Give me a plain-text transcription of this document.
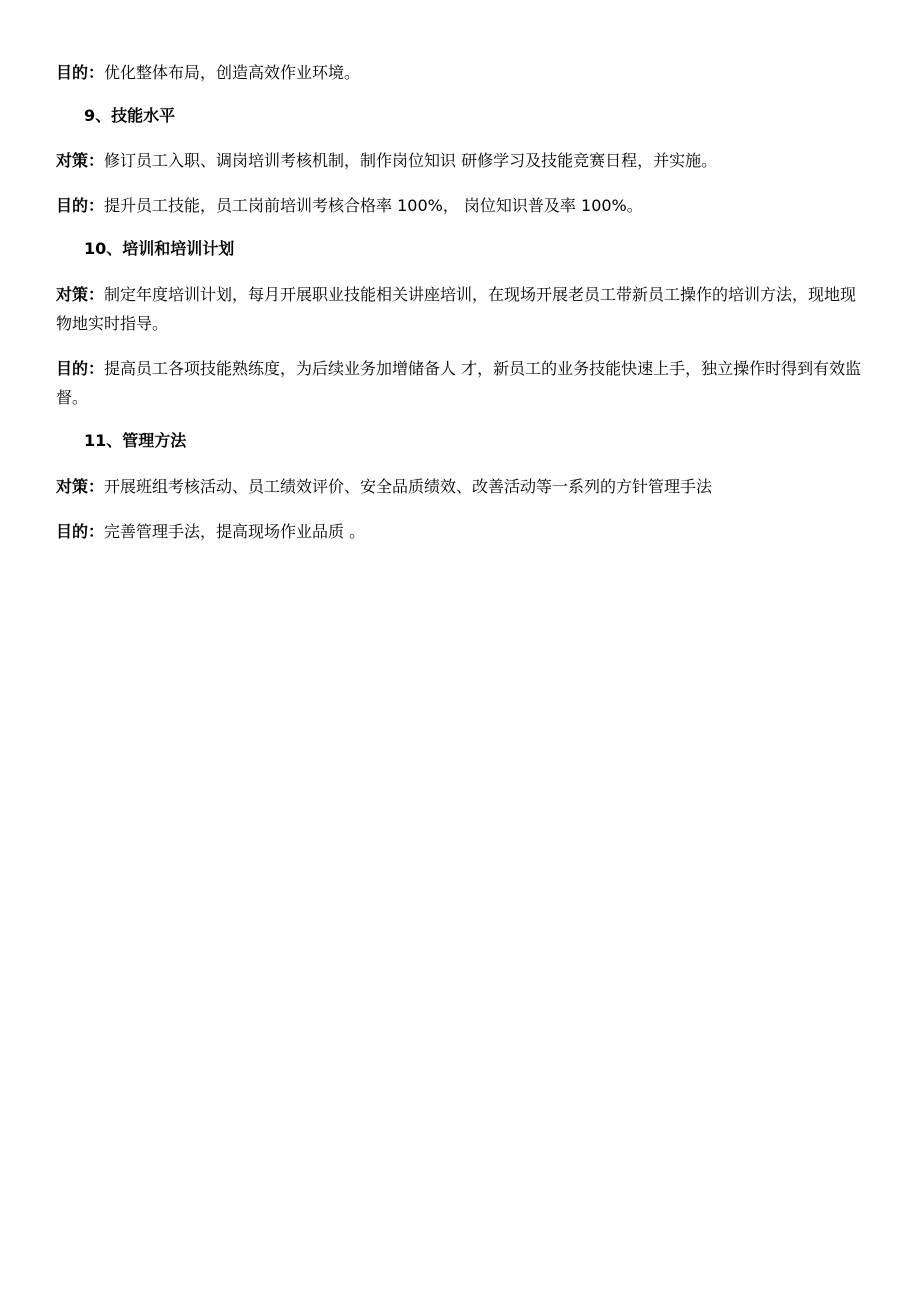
目的：优化整体布局，创造高效作业环境。
9、技能水平
对策：修订员工入职、调岗培训考核机制，制作岗位知识 研修学习及技能竞赛日程，并实施。
目的：提升员工技能，员工岗前培训考核合格率 100%， 岗位知识普及率 100%。
10、培训和培训计划
对策：制定年度培训计划，每月开展职业技能相关讲座培训，在现场开展老员工带新员工操作的培训方法，现地现物地实时指导。
目的：提高员工各项技能熟练度，为后续业务加增储备人 才，新员工的业务技能快速上手，独立操作时得到有效监督。
11、管理方法
对策：开展班组考核活动、员工绩效评价、安全品质绩效、改善活动等一系列的方针管理手法
目的：完善管理手法，提高现场作业品质 。
